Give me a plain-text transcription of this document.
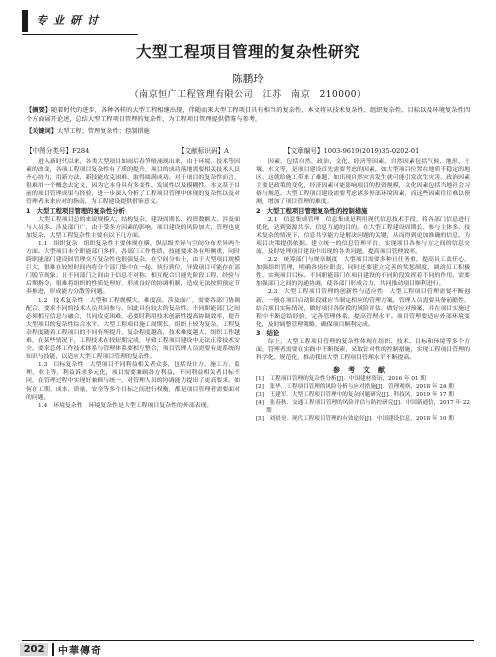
专业研讨
大型工程项目管理的复杂性研究
陈鹏玲
（南京恒广工程管理有限公司　江苏　南京　210000）
【摘要】随着时代的进步，各种各样的大型工程相继出现，伴随而来大型工程项目具有相当的复杂性，本文将从技术复杂性、组织复杂性、目标以及环境复杂性四个方面展开论述，总结大型工程项目管理的复杂性，为工程项目管理提供借鉴与参考。
【关键词】大型工程；管理复杂性；控制措施
【中图分类号】F284	【文献标识码】A	【文章编号】1003-9619(2019)35-0202-01

进入新时代以来，各类大型项目如雨后春笋般涌现出来，由于环境、技术等因素的改变，各项工程项目复杂性有了质的提升，项目的成功落地需要相关技术人员齐心协力，用新方法、新技能攻克困难，取得圆满成功。对于项目的复杂性而言，很难用一个概念去定义，因为它本身具有多变性、发展性以及模糊性。本文基于目前的项目管理成果与经验，进一步深入分析了工程项目管理中体现的复杂性以及对管理者未来应对的指南，为工程建设提供借鉴意义。

1　大型工程项目管理的复杂性分析

大型工程项目总的来说规模大、结构复杂、建设周期长、投资数额大、涉及面与人员多、涉及部门广，由于受多方因素的影响，项目建设的风险加大，管理也更加复杂，大型工程复杂性主要有以下几方面。

1.1　组织复杂　组织复杂性主要体现在横、纵层级差异与空间分布差异两个方面。大型项目本个职能部门多样，各部门工作性质、技能要求各有所侧重，同时跨职能部门建设间管理交互复杂性也很强复杂，在空间分布上，由于大型项目规模巨大，很难在较短时间内将分个部门集中在一起，执行到位，导致项目可能存在部门脱节现象；且不同部门之间由于信息不对称，相互配合只能先阶段工程，经验与后期指令，很难将组织的性质处理好，形成良好的协调机制，造成无法按照预定节奏推进，形成能力分散等问题。

1.2　技术复杂性　大型和工程规模大、难度高，涉及面广，需要各部门协调配合，要求不同的技术人员共同参与，因此具有较大的复杂性。不同职能部门之间必须相互信息与融合，共同攻克困难，必要时利用技术创新性提高协调效率，提升大型项目的复杂性综合水平。大型工程项目施工周期长，组织上较为复杂、工程复杂程度随着工程项目的不同有所提升，复杂程度越高，技术难度越大、组织工作越难，在某些情况下，工程技术在较短期完成，导致工程项目建设中无法正常技术安全。要求总体工作技术体系与管理体系要相互整合，项目管理人员需要有更系统的知识与技能，以适应大型工程项目管理的复杂性。

1.3　目标复杂性　大型项目不同利益相关者众多，包括设计方、施工方、监理、业主等，利益诉求多元化，项目需要兼顾各方利益，不同利益相关者目标不同，在管理过程中实现好兼顾与统一，对管理人员的协调能力提出了更高要求。如何在工期、成本、质量、安全等多个目标之间进行权衡，都是项目管理者需要面对的问题。

1.4　环境复杂性　环境复杂性是大型工程项目复杂性的外部表现。

因素，包括自然、政治、文化、经济等因素。自然因素包括气候、地形、土壤、水文等，是项目建设首先需要考虑的因素，如大型项目位置在地质不稳定的地区，这就给施工带来了难题，如出现自然灾害发生就可能引发次生灾害。政治因素主要是政策的变化，经济因素可能影响项目的投资规模，文化因素包括当地社会习俗与规范。大型工程项目建设需要考虑诸多外部环境因素，而这些因素往往难以预测，增加了项目管理的难度。

2　大型工程项目管理复杂性的控制措施

2.1　信息集成管理　信息集成是利用现代信息技术手段，将各部门信息进行优化，达到资源共享、信息互通的目的。在大型工程建设周期长、参与主体多、技术复杂的情况下，信息共享能力是解决问题的关键，从而得到更加准确的信息，为项目决策提供依据。建立统一的信息管理平台，实现项目各参与方之间的信息交流，及时处理项目建设中出现的各类问题，提高项目管理效率。

2.2　统筹部门与规章制度　大型项目需要多种且任务重，提高员工责任心，加强组织管理，明确各岗位职责。同时还要建立完善的奖惩制度，调动员工积极性，实现项目目标。不同职能部门在项目建设的不同阶段发挥着不同的作用，需要加强部门之间的沟通协调，使各部门形成合力，共同推动项目顺利进行。

2.3　大型工程项目管理的创新性与适应性　大型工程项目管理需要不断创新，一般在项目启动阶段就应当制定相应的管理方案，管理人员需要具备前瞻性，结合项目实际情况，做好项目各阶段的风险评估，做好应对预案，并在项目实施过程中不断总结经验，完善管理体系，提高管理水平。项目管理要适应外部环境变化，及时调整管理策略，确保项目顺利完成。

3　结论

综上，大型工程项目管理的复杂性体现在组织、技术、目标和环境等多个方面，管理者需要在实践中不断探索，采取针对性的控制措施，实现工程项目管理的科学化、规范化，推动我国大型工程项目管理水平不断提高。

参考文献
[1]　工程项目管理的复杂性分析[J]．中国建材资讯，2016 年 01 期
[2]　张华．工程项目管理的风险分析与应对措施[J]．管理观察，2018 年 24 期
[3]　王建军．大型工程项目管理中的复杂问题研究[J]．科技风，2019 年 17 期
[4]　张春秋．交通工程项目管理的风险评估与防控研究[J]．中国新通信，2017 年 22 期
[5]　刘晨昊．现代工程项目管理的有效途径[J]．中国建设信息，2018 年 10 期
202	中華傳奇
